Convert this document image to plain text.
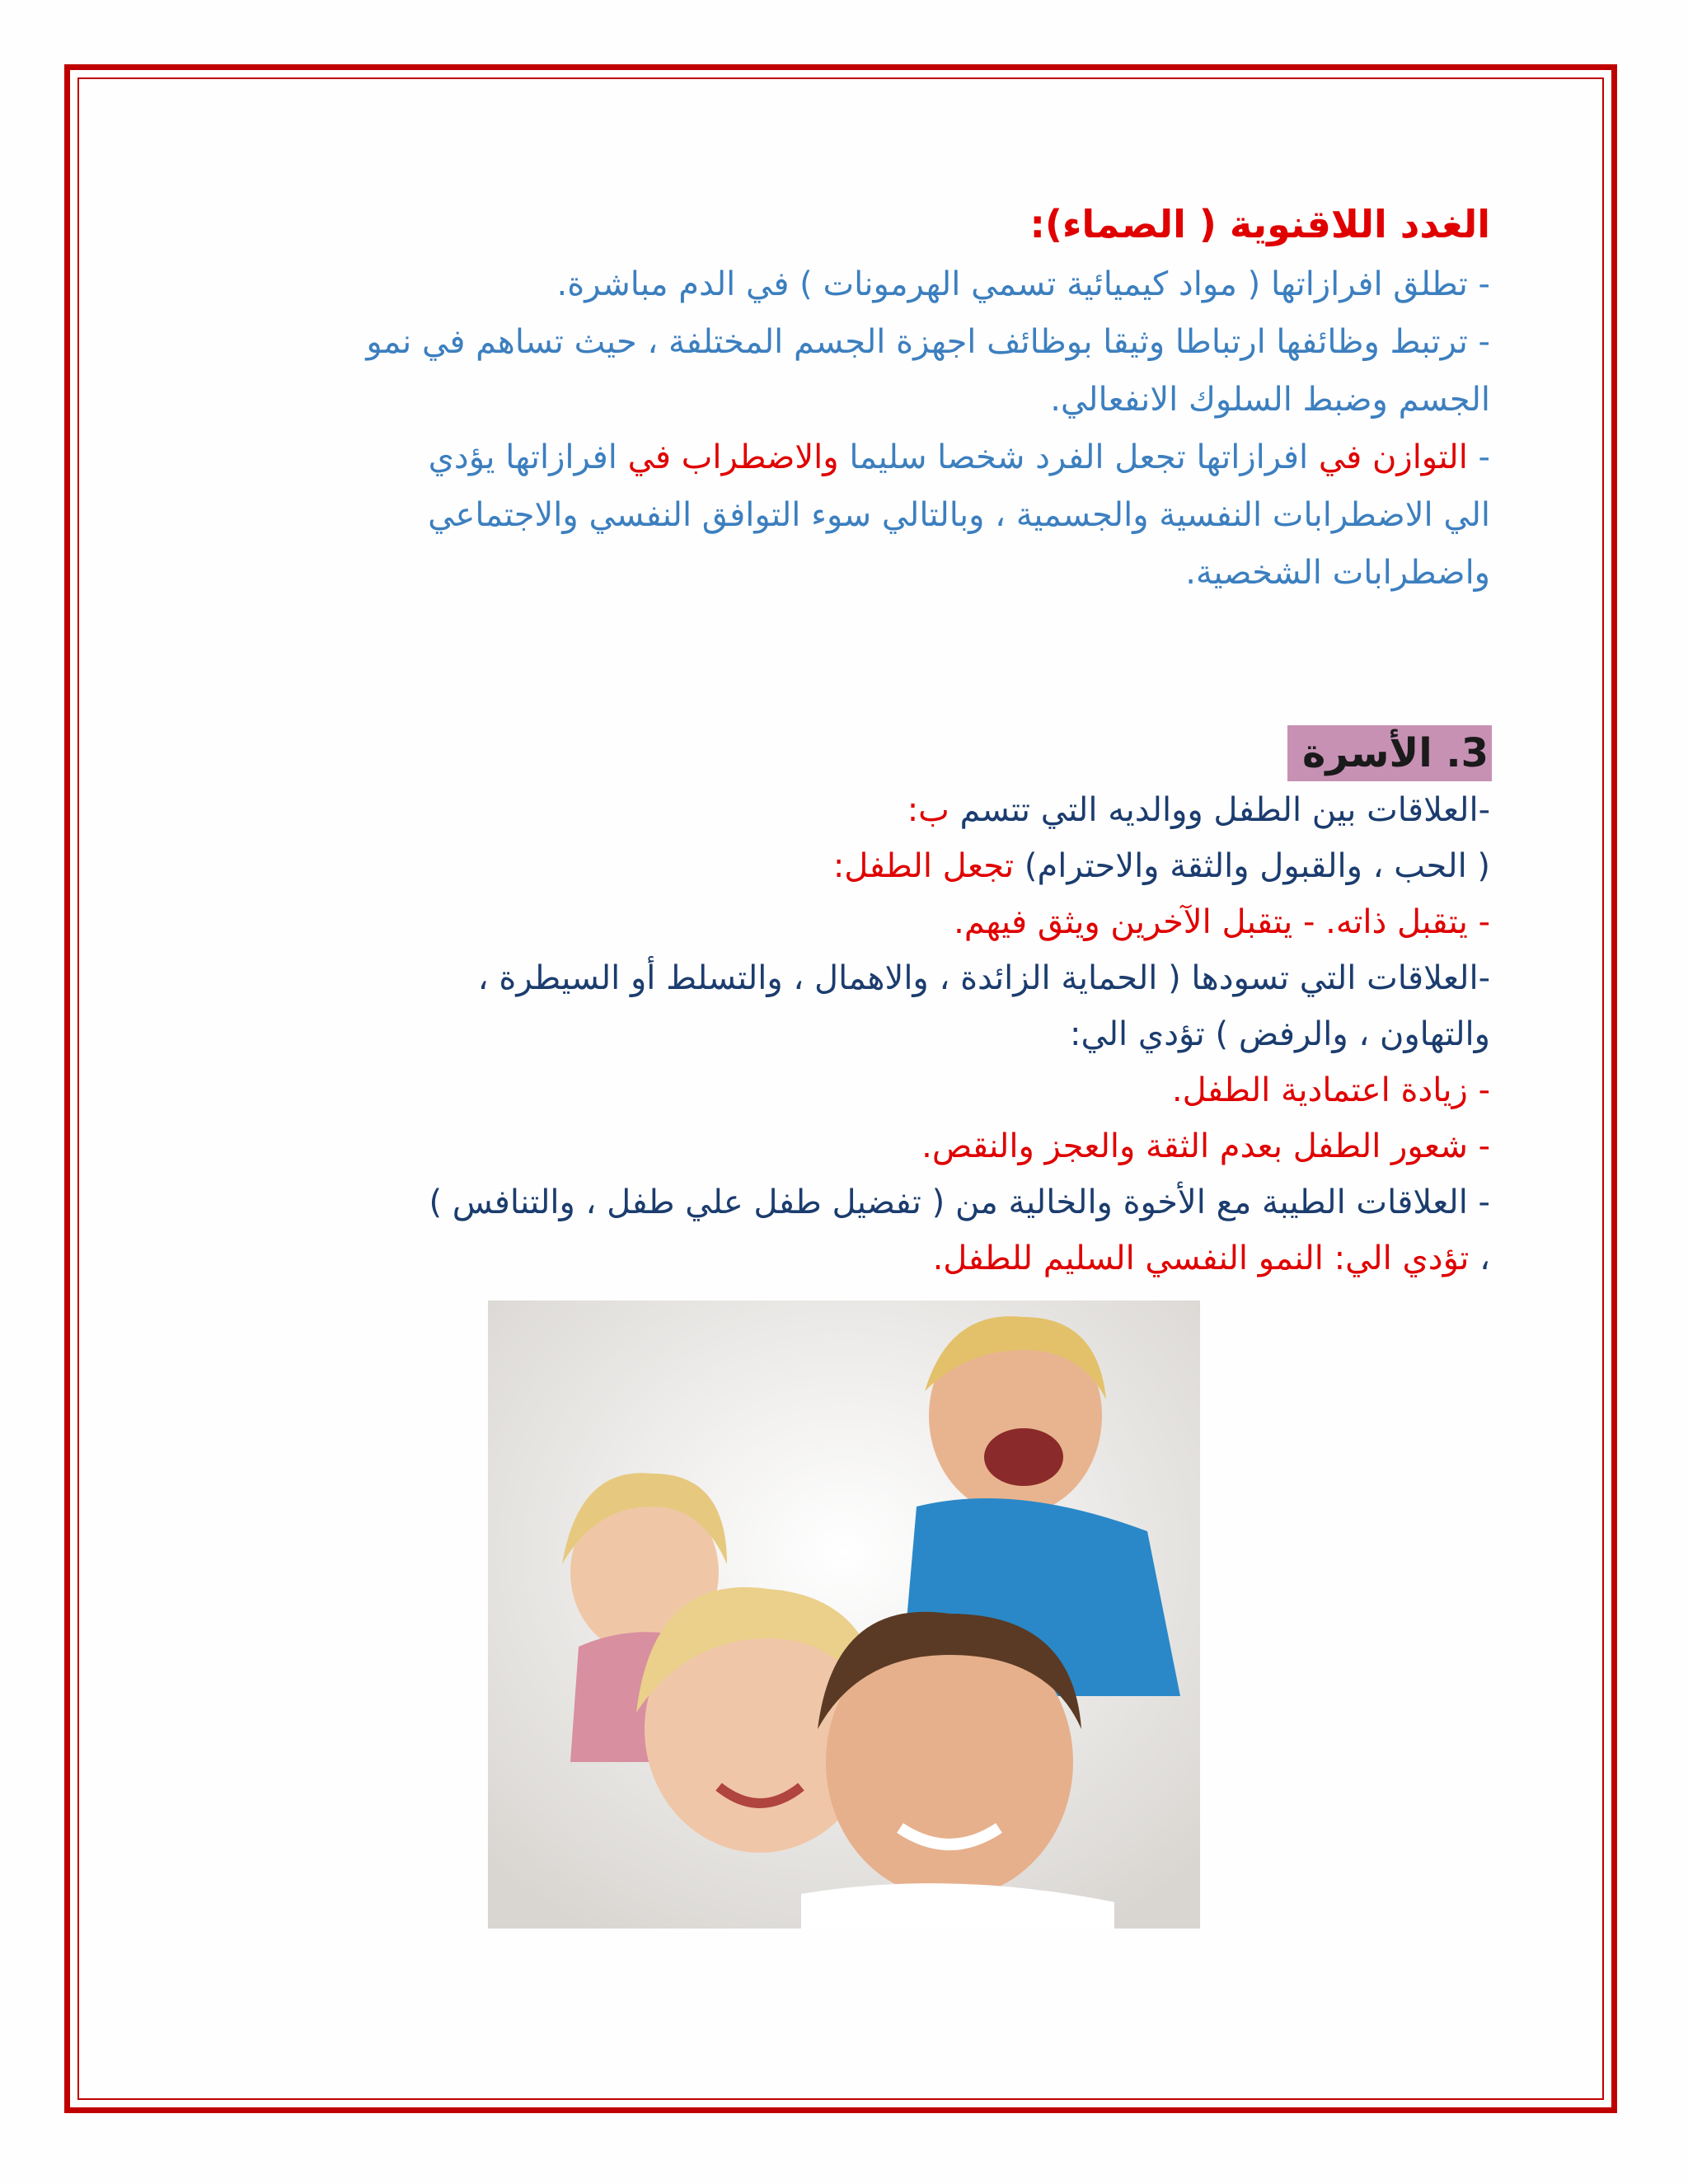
الغدد اللاقنوية ( الصماء):
- تطلق افرازاتها ( مواد كيميائية تسمي الهرمونات ) في الدم مباشرة.
- ترتبط وظائفها ارتباطا وثيقا بوظائف اجهزة الجسم المختلفة ، حيث تساهم في نمو
الجسم وضبط السلوك الانفعالي.
- التوازن في افرازاتها تجعل الفرد شخصا سليما والاضطراب في افرازاتها يؤدي
الي الاضطرابات النفسية والجسمية ، وبالتالي سوء التوافق النفسي والاجتماعي
واضطرابات الشخصية.
3. الأسرة
-العلاقات بين الطفل ووالديه التي تتسم ب:
( الحب ، والقبول والثقة والاحترام) تجعل الطفل:
- يتقبل ذاته. - يتقبل الآخرين ويثق فيهم.
-العلاقات التي تسودها ( الحماية الزائدة ، والاهمال ، والتسلط أو السيطرة ،
والتهاون ، والرفض ) تؤدي الي:
- زيادة اعتمادية الطفل.
- شعور الطفل بعدم الثقة والعجز والنقص.
- العلاقات الطيبة مع الأخوة والخالية من ( تفضيل طفل علي طفل ، والتنافس )
، تؤدي الي: النمو النفسي السليم للطفل.
